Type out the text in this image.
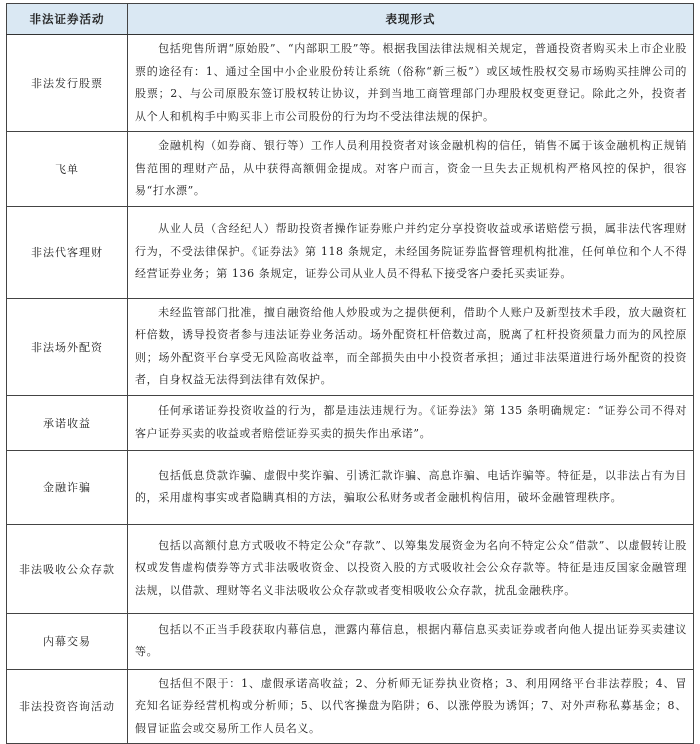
非法证券活动	表现形式
非法发行股票	包括兜售所谓“原始股”、“内部职工股”等。根据我国法律法规相关规定，普通投资者购买未上市企业股票的途径有：1、通过全国中小企业股份转让系统（俗称“新三板”）或区域性股权交易市场购买挂牌公司的股票；2、与公司原股东签订股权转让协议，并到当地工商管理部门办理股权变更登记。除此之外，投资者从个人和机构手中购买非上市公司股份的行为均不受法律法规的保护。
飞单	金融机构（如券商、银行等）工作人员利用投资者对该金融机构的信任，销售不属于该金融机构正规销售范围的理财产品，从中获得高额佣金提成。对客户而言，资金一旦失去正规机构严格风控的保护，很容易“打水漂”。
非法代客理财	从业人员（含经纪人）帮助投资者操作证券账户并约定分享投资收益或承诺赔偿亏损，属非法代客理财行为，不受法律保护。《证券法》第 118 条规定，未经国务院证券监督管理机构批准，任何单位和个人不得经营证券业务；第 136 条规定，证券公司从业人员不得私下接受客户委托买卖证券。
非法场外配资	未经监管部门批准，擅自融资给他人炒股或为之提供便利，借助个人账户及新型技术手段，放大融资杠杆倍数，诱导投资者参与违法证券业务活动。场外配资杠杆倍数过高，脱离了杠杆投资须量力而为的风控原则；场外配资平台享受无风险高收益率，而全部损失由中小投资者承担；通过非法渠道进行场外配资的投资者，自身权益无法得到法律有效保护。
承诺收益	任何承诺证券投资收益的行为，都是违法违规行为。《证券法》第 135 条明确规定：“证券公司不得对客户证券买卖的收益或者赔偿证券买卖的损失作出承诺”。
金融诈骗	包括低息贷款诈骗、虚假中奖诈骗、引诱汇款诈骗、高息诈骗、电话诈骗等。特征是，以非法占有为目的，采用虚构事实或者隐瞒真相的方法，骗取公私财务或者金融机构信用，破坏金融管理秩序。
非法吸收公众存款	包括以高额付息方式吸收不特定公众“存款”、以筹集发展资金为名向不特定公众“借款”、以虚假转让股权或发售虚构债券等方式非法吸收资金、以投资入股的方式吸收社会公众存款等。特征是违反国家金融管理法规，以借款、理财等名义非法吸收公众存款或者变相吸收公众存款，扰乱金融秩序。
内幕交易	包括以不正当手段获取内幕信息，泄露内幕信息，根据内幕信息买卖证券或者向他人提出证券买卖建议等。
非法投资咨询活动	包括但不限于：1、虚假承诺高收益；2、分析师无证券执业资格；3、利用网络平台非法荐股；4、冒充知名证券经营机构或分析师；5、以代客操盘为陷阱；6、以涨停股为诱饵；7、对外声称私募基金；8、假冒证监会或交易所工作人员名义。
